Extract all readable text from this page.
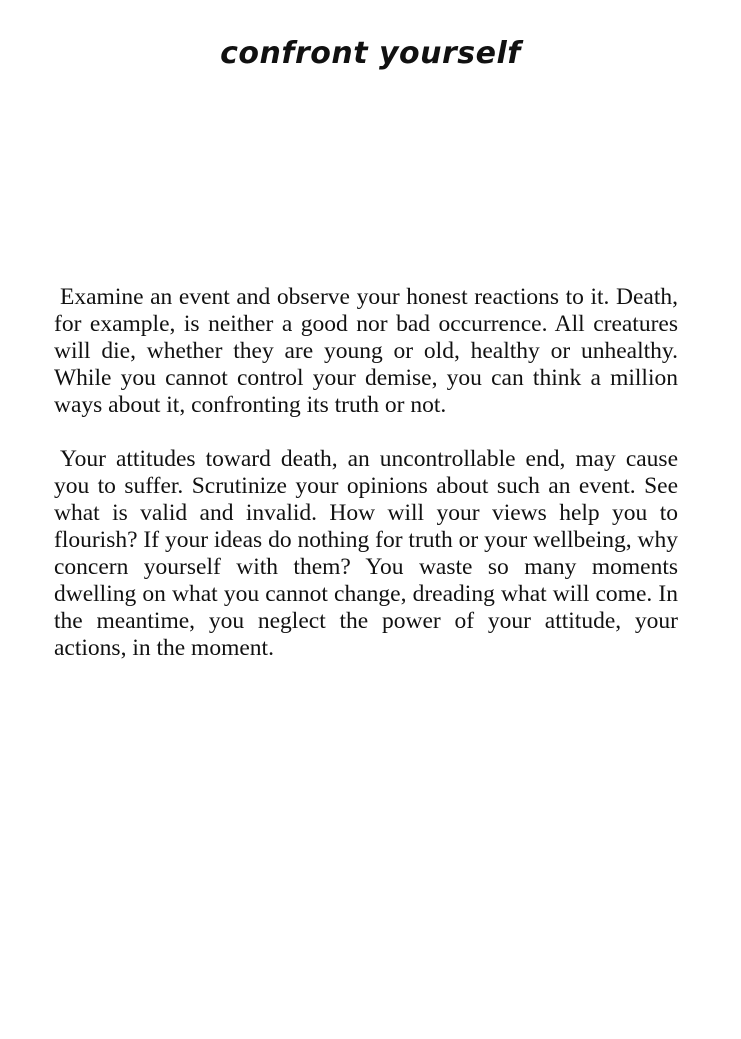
confront yourself

Examine an event and observe your honest reactions to it. Death, for example, is neither a good nor bad occurrence. All creatures will die, whether they are young or old, healthy or unhealthy. While you cannot control your demise, you can think a million ways about it, confronting its truth or not.

Your attitudes toward death, an uncontrollable end, may cause you to suffer. Scrutinize your opinions about such an event. See what is valid and invalid. How will your views help you to flourish? If your ideas do nothing for truth or your wellbeing, why concern yourself with them? You waste so many moments dwelling on what you cannot change, dreading what will come. In the meantime, you neglect the power of your attitude, your actions, in the moment.
